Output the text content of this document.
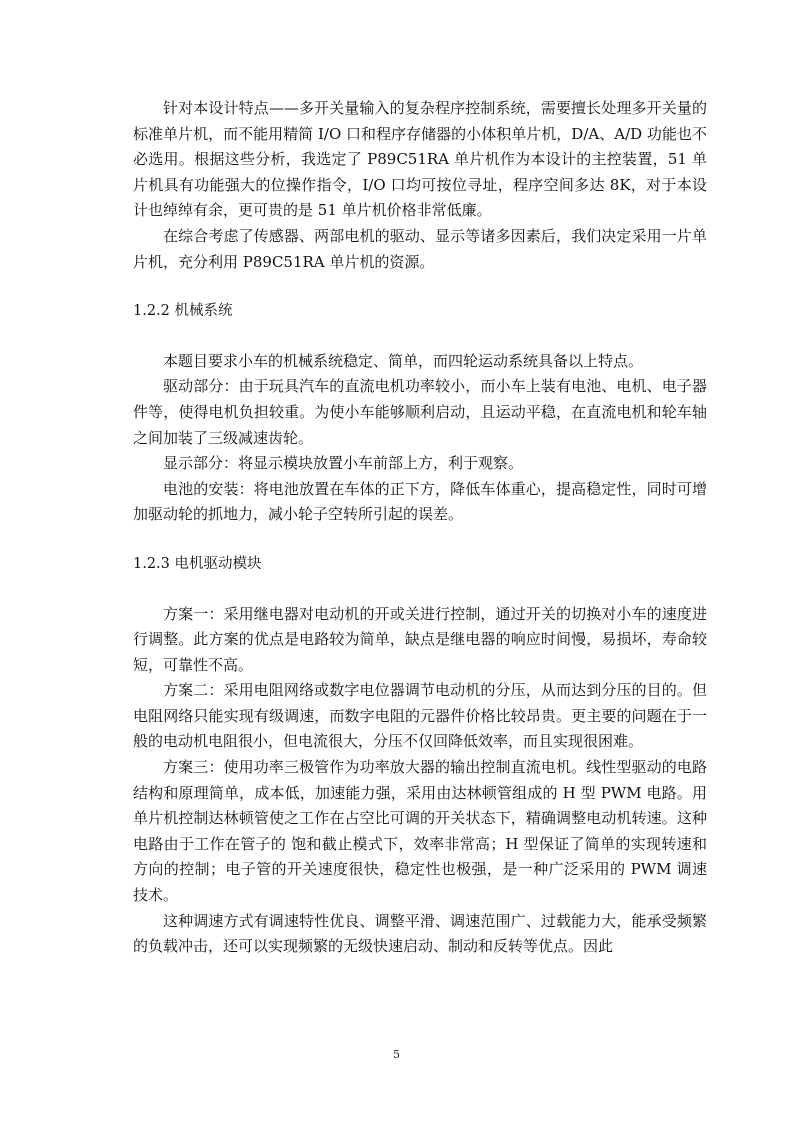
针对本设计特点——多开关量输入的复杂程序控制系统，需要擅长处理多开关量的标准单片机，而不能用精简 I/O 口和程序存储器的小体积单片机，D/A、A/D 功能也不必选用。根据这些分析，我选定了 P89C51RA 单片机作为本设计的主控装置，51 单片机具有功能强大的位操作指令，I/O 口均可按位寻址，程序空间多达 8K，对于本设计也绰绰有余，更可贵的是 51 单片机价格非常低廉。

在综合考虑了传感器、两部电机的驱动、显示等诸多因素后，我们决定采用一片单片机，充分利用 P89C51RA 单片机的资源。

1.2.2 机械系统

本题目要求小车的机械系统稳定、简单，而四轮运动系统具备以上特点。

驱动部分：由于玩具汽车的直流电机功率较小，而小车上装有电池、电机、电子器件等，使得电机负担较重。为使小车能够顺利启动，且运动平稳，在直流电机和轮车轴之间加装了三级减速齿轮。

显示部分：将显示模块放置小车前部上方，利于观察。

电池的安装：将电池放置在车体的正下方，降低车体重心，提高稳定性，同时可增加驱动轮的抓地力，减小轮子空转所引起的误差。

1.2.3 电机驱动模块

方案一：采用继电器对电动机的开或关进行控制，通过开关的切换对小车的速度进行调整。此方案的优点是电路较为简单，缺点是继电器的响应时间慢，易损坏，寿命较短，可靠性不高。

方案二：采用电阻网络或数字电位器调节电动机的分压，从而达到分压的目的。但电阻网络只能实现有级调速，而数字电阻的元器件价格比较昂贵。更主要的问题在于一般的电动机电阻很小，但电流很大，分压不仅回降低效率，而且实现很困难。

方案三：使用功率三极管作为功率放大器的输出控制直流电机。线性型驱动的电路结构和原理简单，成本低，加速能力强，采用由达林顿管组成的 H 型 PWM 电路。用单片机控制达林顿管使之工作在占空比可调的开关状态下，精确调整电动机转速。这种电路由于工作在管子的 饱和截止模式下，效率非常高；H 型保证了简单的实现转速和方向的控制；电子管的开关速度很快，稳定性也极强，是一种广泛采用的 PWM 调速技术。

这种调速方式有调速特性优良、调整平滑、调速范围广、过载能力大，能承受频繁的负载冲击，还可以实现频繁的无级快速启动、制动和反转等优点。因此

5
